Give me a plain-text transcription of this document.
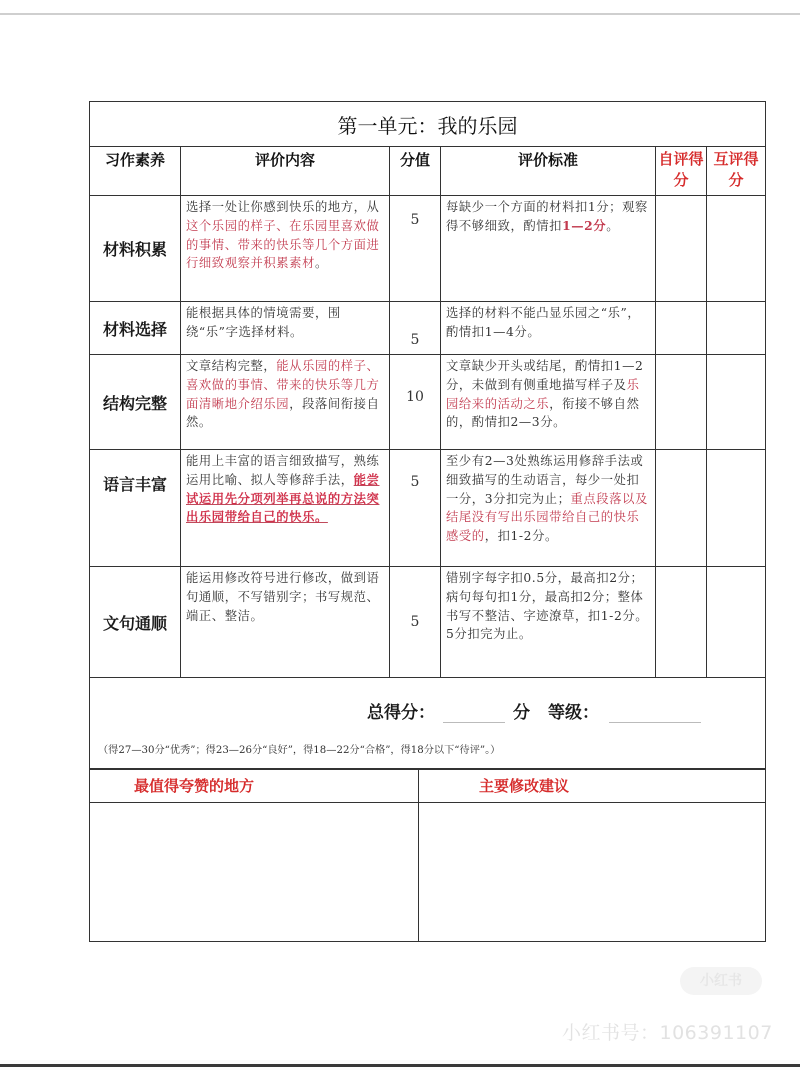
第一单元：我的乐园					
习作素养	评价内容	分值	评价标准	自评得分	互评得分
材料积累	选择一处让你感到快乐的地方，从这个乐园的样子、在乐园里喜欢做的事情、带来的快乐等几个方面进行细致观察并积累素材。	5	每缺少一个方面的材料扣1分；观察得不够细致，酌情扣1—2分。		
材料选择	能根据具体的情境需要，围绕“乐”字选择材料。	5	选择的材料不能凸显乐园之“乐”，酌情扣1—4分。		
结构完整	文章结构完整，能从乐园的样子、喜欢做的事情、带来的快乐等几方面清晰地介绍乐园，段落间衔接自然。	10	文章缺少开头或结尾，酌情扣1—2分，未做到有侧重地描写样子及乐园给来的活动之乐，衔接不够自然的，酌情扣2—3分。		
语言丰富	能用上丰富的语言细致描写，熟练运用比喻、拟人等修辞手法，能尝试运用先分项列举再总说的方法突出乐园带给自己的快乐。	5	至少有2—3处熟练运用修辞手法或细致描写的生动语言，每少一处扣一分，3分扣完为止；重点段落以及结尾没有写出乐园带给自己的快乐感受的，扣1-2分。		
文句通顺	能运用修改符号进行修改，做到语句通顺，不写错别字；书写规范、端正、整洁。	5	错别字每字扣0.5分，最高扣2分；病句每句扣1分，最高扣2分；整体书写不整洁、字迹潦草，扣1-2分。5分扣完为止。		

总得分： 分 等级：
（得27—30分“优秀”；得23—26分“良好”，得18—22分“合格”，得18分以下“待评”。）					
最值得夸赞的地方	主要修改建议

小红书
小红书号：106391107
